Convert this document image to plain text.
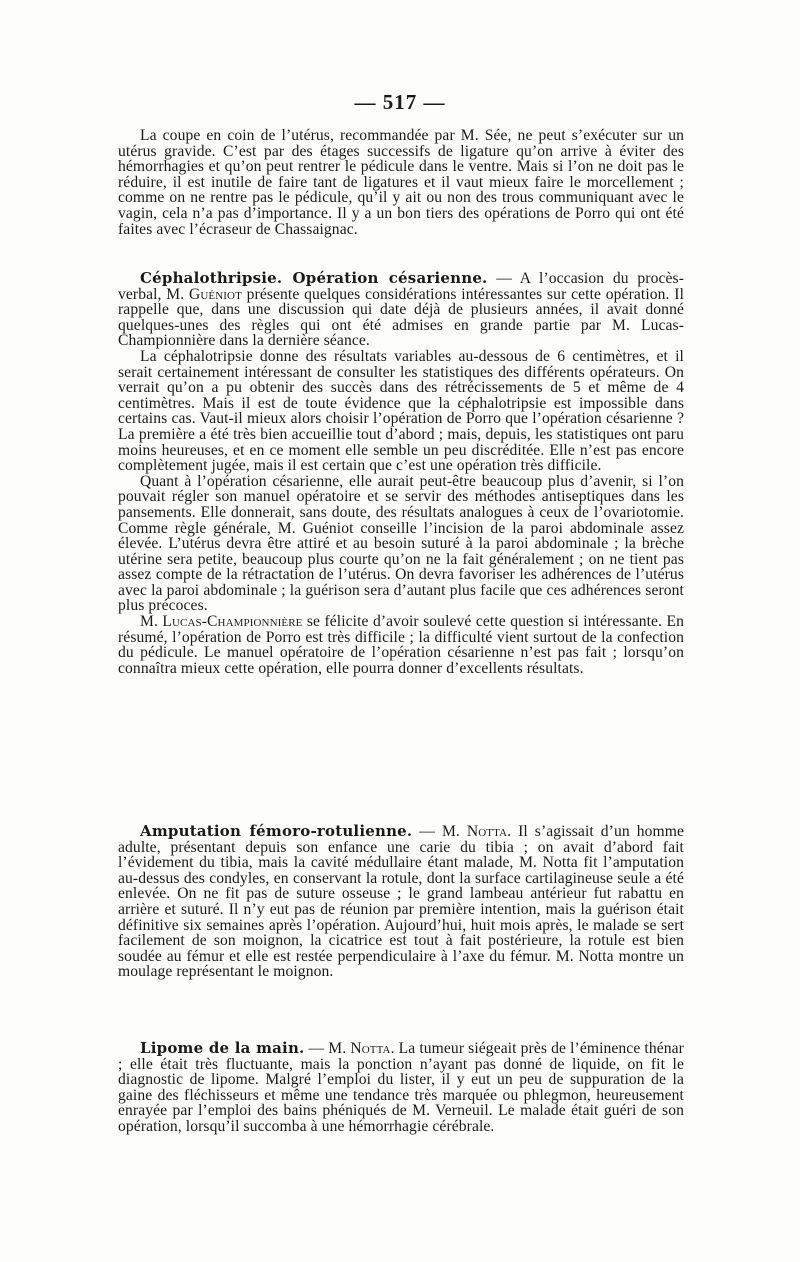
— 517 —

La coupe en coin de l’utérus, recommandée par M. Sée, ne peut s’exécuter sur un utérus gravide. C’est par des étages successifs de ligature qu’on arrive à éviter des hémorrhagies et qu’on peut rentrer le pédicule dans le ventre. Mais si l’on ne doit pas le réduire, il est inutile de faire tant de ligatures et il vaut mieux faire le morcellement ; comme on ne rentre pas le pédicule, qu’il y ait ou non des trous communiquant avec le vagin, cela n’a pas d’importance. Il y a un bon tiers des opérations de Porro qui ont été faites avec l’écraseur de Chassaignac.

Céphalothripsie. Opération césarienne. — A l’occasion du procès-verbal, M. Guéniot présente quelques considérations intéressantes sur cette opération. Il rappelle que, dans une discussion qui date déjà de plusieurs années, il avait donné quelques-unes des règles qui ont été admises en grande partie par M. Lucas-Championnière dans la dernière séance.

La céphalotripsie donne des résultats variables au-dessous de 6 centimètres, et il serait certainement intéressant de consulter les statistiques des différents opérateurs. On verrait qu’on a pu obtenir des succès dans des rétrécissements de 5 et même de 4 centimètres. Mais il est de toute évidence que la céphalotripsie est impossible dans certains cas. Vaut-il mieux alors choisir l’opération de Porro que l’opération césarienne ? La première a été très bien accueillie tout d’abord ; mais, depuis, les statistiques ont paru moins heureuses, et en ce moment elle semble un peu discréditée. Elle n’est pas encore complètement jugée, mais il est certain que c’est une opération très difficile.

Quant à l’opération césarienne, elle aurait peut-être beaucoup plus d’avenir, si l’on pouvait régler son manuel opératoire et se servir des méthodes antiseptiques dans les pansements. Elle donnerait, sans doute, des résultats analogues à ceux de l’ovariotomie. Comme règle générale, M. Guéniot conseille l’incision de la paroi abdominale assez élevée. L’utérus devra être attiré et au besoin suturé à la paroi abdominale ; la brèche utérine sera petite, beaucoup plus courte qu’on ne la fait généralement ; on ne tient pas assez compte de la rétractation de l’utérus. On devra favoriser les adhérences de l’utérus avec la paroi abdominale ; la guérison sera d’autant plus facile que ces adhérences seront plus précoces.

M. Lucas-Championnière se félicite d’avoir soulevé cette question si intéressante. En résumé, l’opération de Porro est très difficile ; la difficulté vient surtout de la confection du pédicule. Le manuel opératoire de l’opération césarienne n’est pas fait ; lorsqu’on connaîtra mieux cette opération, elle pourra donner d’excellents résultats.

Amputation fémoro-rotulienne. — M. Notta. Il s’agissait d’un homme adulte, présentant depuis son enfance une carie du tibia ; on avait d’abord fait l’évidement du tibia, mais la cavité médullaire étant malade, M. Notta fit l’amputation au-dessus des condyles, en conservant la rotule, dont la surface cartilagineuse seule a été enlevée. On ne fit pas de suture osseuse ; le grand lambeau antérieur fut rabattu en arrière et suturé. Il n’y eut pas de réunion par première intention, mais la guérison était définitive six semaines après l’opération. Aujourd’hui, huit mois après, le malade se sert facilement de son moignon, la cicatrice est tout à fait postérieure, la rotule est bien soudée au fémur et elle est restée perpendiculaire à l’axe du fémur. M. Notta montre un moulage représentant le moignon.

Lipome de la main. — M. Notta. La tumeur siégeait près de l’éminence thénar ; elle était très fluctuante, mais la ponction n’ayant pas donné de liquide, on fit le diagnostic de lipome. Malgré l’emploi du lister, il y eut un peu de suppuration de la gaine des fléchisseurs et même une tendance très marquée ou phlegmon, heureusement enrayée par l’emploi des bains phéniqués de M. Verneuil. Le malade était guéri de son opération, lorsqu’il succomba à une hémorrhagie cérébrale.
